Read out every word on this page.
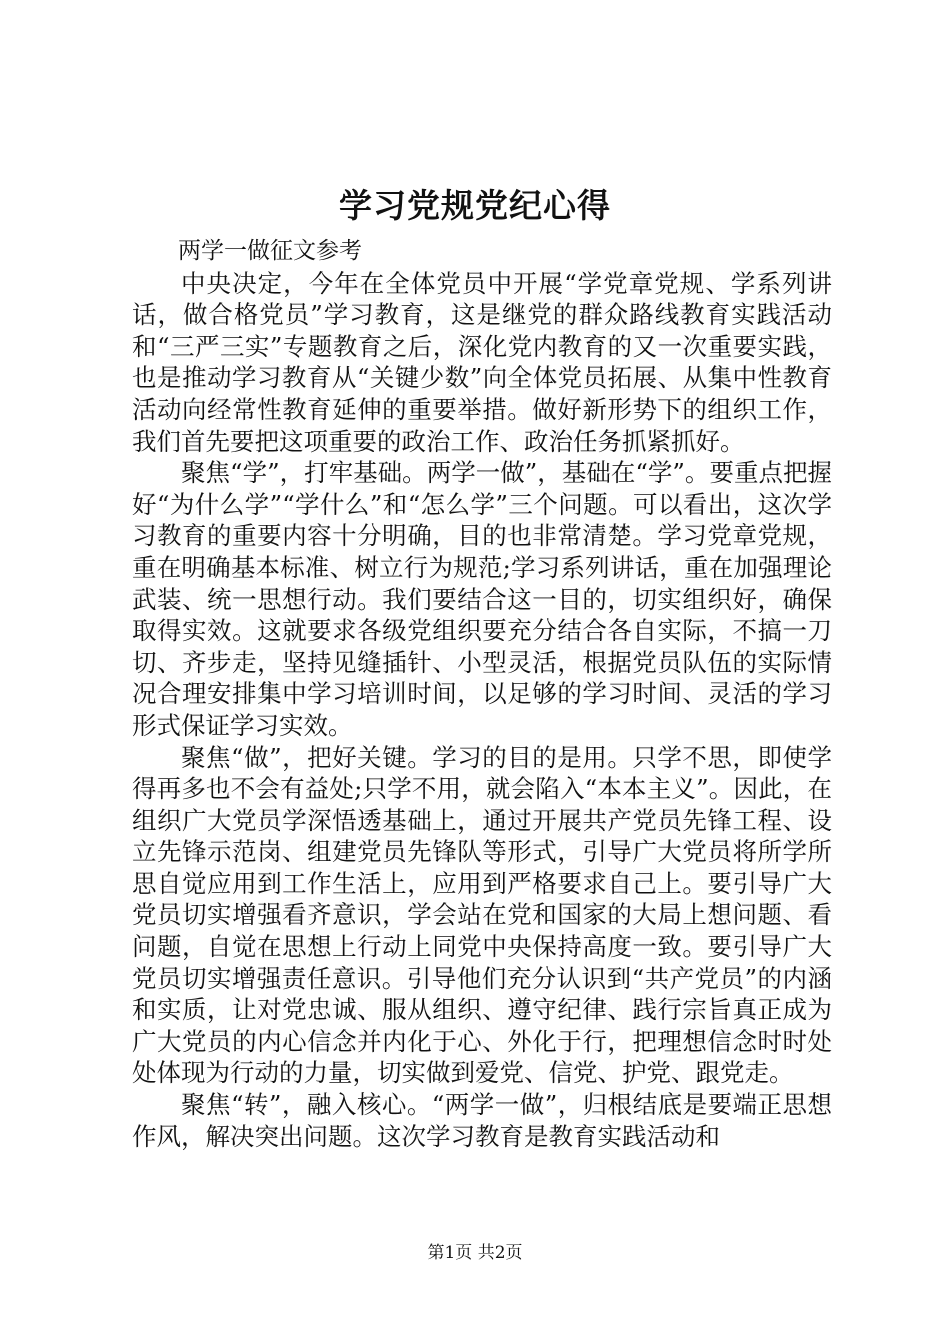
学习党规党纪心得

两学一做征文参考

中央决定，今年在全体党员中开展“学党章党规、学系列讲话，做合格党员”学习教育，这是继党的群众路线教育实践活动和“三严三实”专题教育之后，深化党内教育的又一次重要实践，也是推动学习教育从“关键少数”向全体党员拓展、从集中性教育活动向经常性教育延伸的重要举措。做好新形势下的组织工作，我们首先要把这项重要的政治工作、政治任务抓紧抓好。

聚焦“学”，打牢基础。两学一做”，基础在“学”。要重点把握好“为什么学”“学什么”和“怎么学”三个问题。可以看出，这次学习教育的重要内容十分明确，目的也非常清楚。学习党章党规，重在明确基本标准、树立行为规范;学习系列讲话，重在加强理论武装、统一思想行动。我们要结合这一目的，切实组织好，确保取得实效。这就要求各级党组织要充分结合各自实际，不搞一刀切、齐步走，坚持见缝插针、小型灵活，根据党员队伍的实际情况合理安排集中学习培训时间，以足够的学习时间、灵活的学习形式保证学习实效。

聚焦“做”，把好关键。学习的目的是用。只学不思，即使学得再多也不会有益处;只学不用，就会陷入“本本主义”。因此，在组织广大党员学深悟透基础上，通过开展共产党员先锋工程、设立先锋示范岗、组建党员先锋队等形式，引导广大党员将所学所思自觉应用到工作生活上，应用到严格要求自己上。要引导广大党员切实增强看齐意识，学会站在党和国家的大局上想问题、看问题，自觉在思想上行动上同党中央保持高度一致。要引导广大党员切实增强责任意识。引导他们充分认识到“共产党员”的内涵和实质，让对党忠诚、服从组织、遵守纪律、践行宗旨真正成为广大党员的内心信念并内化于心、外化于行，把理想信念时时处处体现为行动的力量，切实做到爱党、信党、护党、跟党走。

聚焦“转”，融入核心。“两学一做”，归根结底是要端正思想作风，解决突出问题。这次学习教育是教育实践活动和

第1页 共2页
